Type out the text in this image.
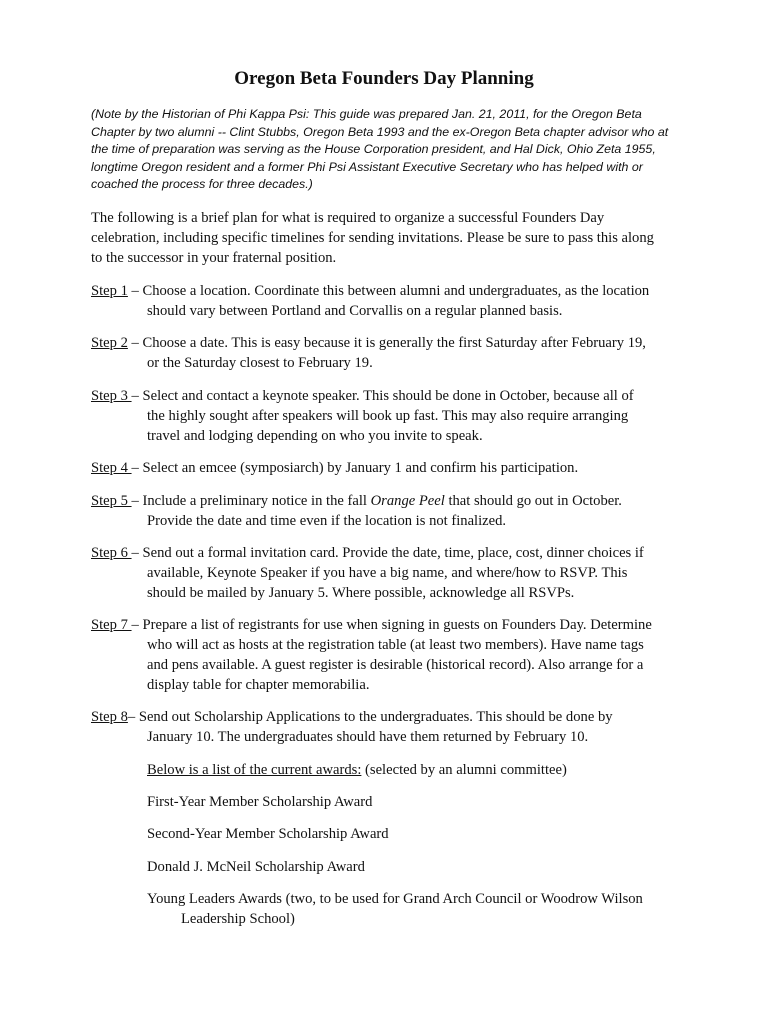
Oregon Beta Founders Day Planning
(Note by the Historian of Phi Kappa Psi: This guide was prepared Jan. 21, 2011, for the Oregon Beta
Chapter by two alumni -- Clint Stubbs, Oregon Beta 1993 and the ex-Oregon Beta chapter advisor who at
the time of preparation was serving as the House Corporation president, and Hal Dick, Ohio Zeta 1955,
longtime Oregon resident and a former Phi Psi Assistant Executive Secretary who has helped with or
coached the process for three decades.)
The following is a brief plan for what is required to organize a successful Founders Day
celebration, including specific timelines for sending invitations. Please be sure to pass this along
to the successor in your fraternal position.
Step 1 – Choose a location. Coordinate this between alumni and undergraduates, as the location
should vary between Portland and Corvallis on a regular planned basis.
Step 2 – Choose a date. This is easy because it is generally the first Saturday after February 19,
or the Saturday closest to February 19.
Step 3 – Select and contact a keynote speaker. This should be done in October, because all of
the highly sought after speakers will book up fast. This may also require arranging
travel and lodging depending on who you invite to speak.
Step 4 – Select an emcee (symposiarch) by January 1 and confirm his participation.
Step 5 – Include a preliminary notice in the fall Orange Peel that should go out in October.
Provide the date and time even if the location is not finalized.
Step 6 – Send out a formal invitation card. Provide the date, time, place, cost, dinner choices if
available, Keynote Speaker if you have a big name, and where/how to RSVP. This
should be mailed by January 5. Where possible, acknowledge all RSVPs.
Step 7 – Prepare a list of registrants for use when signing in guests on Founders Day. Determine
who will act as hosts at the registration table (at least two members). Have name tags
and pens available. A guest register is desirable (historical record). Also arrange for a
display table for chapter memorabilia.
Step 8– Send out Scholarship Applications to the undergraduates. This should be done by
January 10. The undergraduates should have them returned by February 10.
Below is a list of the current awards: (selected by an alumni committee)
First-Year Member Scholarship Award
Second-Year Member Scholarship Award
Donald J. McNeil Scholarship Award
Young Leaders Awards (two, to be used for Grand Arch Council or Woodrow Wilson
Leadership School)
